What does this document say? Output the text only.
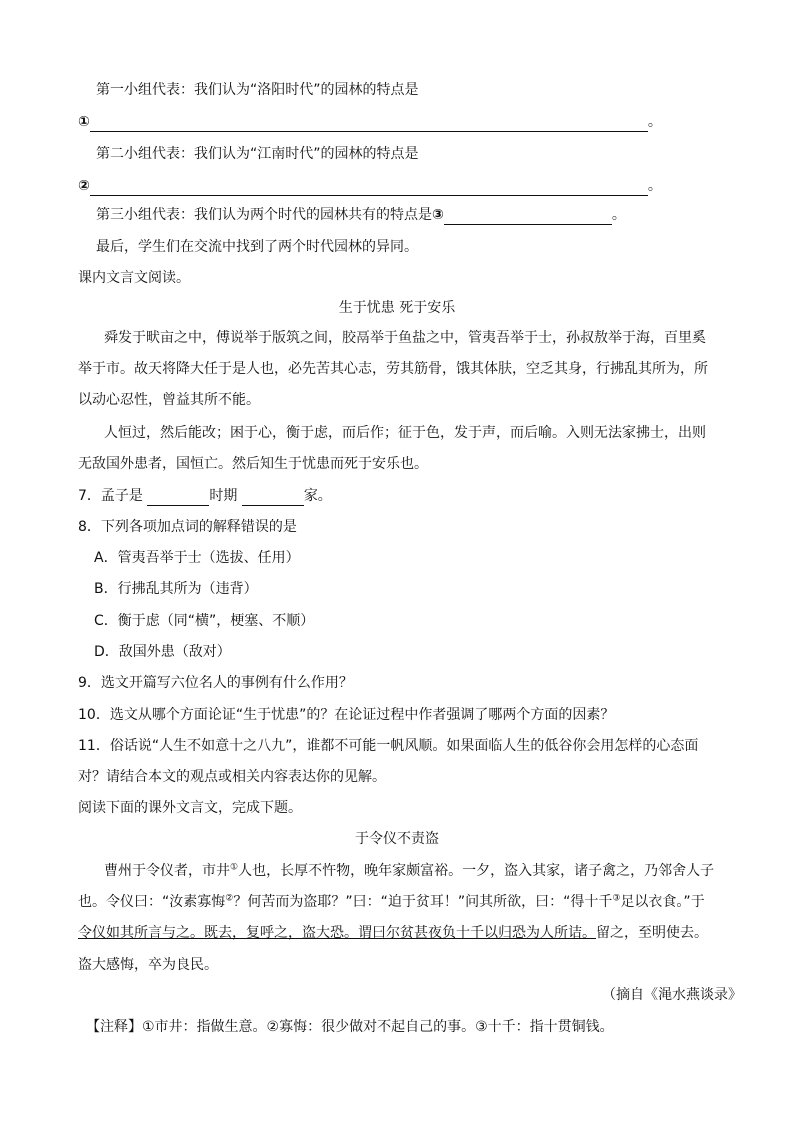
第一小组代表：我们认为“洛阳时代”的园林的特点是
①	。
第二小组代表：我们认为“江南时代”的园林的特点是
②	。
第三小组代表：我们认为两个时代的园林共有的特点是③	。
最后，学生们在交流中找到了两个时代园林的异同。
课内文言文阅读。
生于忧患 死于安乐
舜发于畎亩之中，傅说举于版筑之间，胶鬲举于鱼盐之中，管夷吾举于士，孙叔敖举于海，百里奚
举于市。故天将降大任于是人也，必先苦其心志，劳其筋骨，饿其体肤，空乏其身，行拂乱其所为，所
以动心忍性，曾益其所不能。
人恒过，然后能改；困于心，衡于虑，而后作；征于色，发于声，而后喻。入则无法家拂士，出则
无敌国外患者，国恒亡。然后知生于忧患而死于安乐也。
7．孟子是	时期	家。
8．下列各项加点词的解释错误的是
A．管夷吾举于士（选拔、任用）
B．行拂乱其所为（违背）
C．衡于虑（同“横”，梗塞、不顺）
D．敌国外患（敌对）
9．选文开篇写六位名人的事例有什么作用？
10．选文从哪个方面论证“生于忧患”的？在论证过程中作者强调了哪两个方面的因素？
11．俗话说“人生不如意十之八九”，谁都不可能一帆风顺。如果面临人生的低谷你会用怎样的心态面
对？请结合本文的观点或相关内容表达你的见解。
阅读下面的课外文言文，完成下题。
于令仪不责盗
曹州于令仪者，市井①人也，长厚不忤物，晚年家颇富裕。一夕，盗入其家，诸子禽之，乃邻舍人子
也。令仪曰：“汝素寡悔②？何苦而为盗耶？”曰：“迫于贫耳！”问其所欲，曰：“得十千③足以衣食。”于
令仪如其所言与之。既去，复呼之，盗大恐。谓曰尔贫甚夜负十千以归恐为人所诘。留之，至明使去。
盗大感悔，卒为良民。
（摘自《渑水燕谈录》
【注释】①市井：指做生意。②寡悔：很少做对不起自己的事。③十千：指十贯铜钱。
